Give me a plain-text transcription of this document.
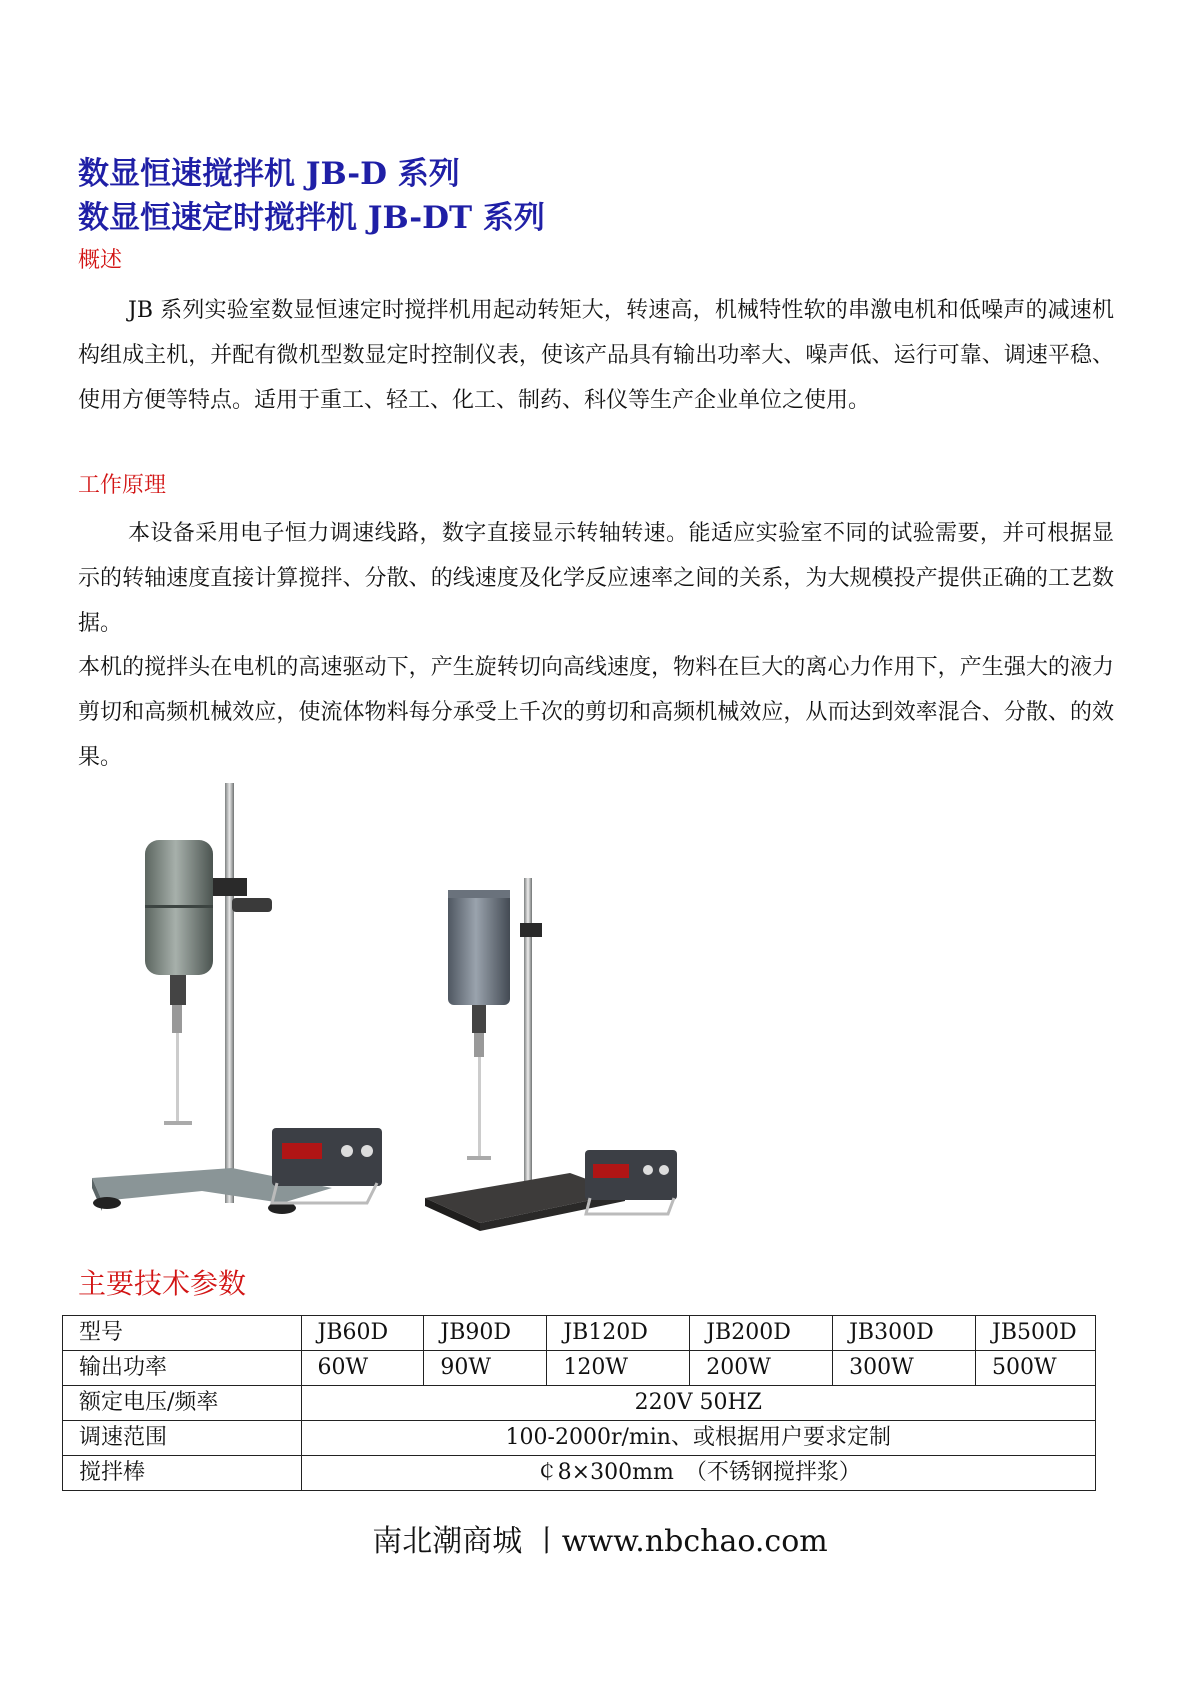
数显恒速搅拌机 JB-D 系列
数显恒速定时搅拌机 JB-DT 系列
概述
JB 系列实验室数显恒速定时搅拌机用起动转矩大，转速高，机械特性软的串激电机和低噪声的减速机构组成主机，并配有微机型数显定时控制仪表，使该产品具有输出功率大、噪声低、运行可靠、调速平稳、使用方便等特点。适用于重工、轻工、化工、制药、科仪等生产企业单位之使用。
工作原理
本设备采用电子恒力调速线路，数字直接显示转轴转速。能适应实验室不同的试验需要，并可根据显示的转轴速度直接计算搅拌、分散、的线速度及化学反应速率之间的关系，为大规模投产提供正确的工艺数据。
本机的搅拌头在电机的高速驱动下，产生旋转切向高线速度，物料在巨大的离心力作用下，产生强大的液力剪切和高频机械效应，使流体物料每分承受上千次的剪切和高频机械效应，从而达到效率混合、分散、的效果。
主要技术参数
型号	JB60D	JB90D	JB120D	JB200D	JB300D	JB500D
输出功率	60W	90W	120W	200W	300W	500W
额定电压/频率	220V 50HZ					
调速范围	100-2000r/min、或根据用户要求定制					
搅拌棒	￠8×300mm　（不锈钢搅拌浆）					
南北潮商城 丨www.nbchao.com
